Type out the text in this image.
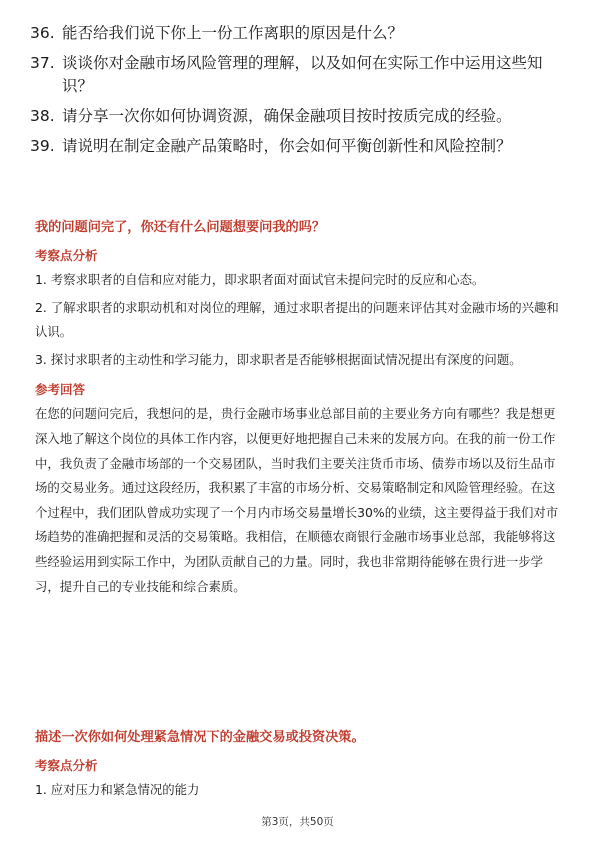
36. 能否给我们说下你上一份工作离职的原因是什么？
37. 谈谈你对金融市场风险管理的理解，以及如何在实际工作中运用这些知识？
38. 请分享一次你如何协调资源，确保金融项目按时按质完成的经验。
39. 请说明在制定金融产品策略时，你会如何平衡创新性和风险控制？
我的问题问完了，你还有什么问题想要问我的吗？
考察点分析
1. 考察求职者的自信和应对能力，即求职者面对面试官未提问完时的反应和心态。
2. 了解求职者的求职动机和对岗位的理解，通过求职者提出的问题来评估其对金融市场的兴趣和认识。
3. 探讨求职者的主动性和学习能力，即求职者是否能够根据面试情况提出有深度的问题。
参考回答
在您的问题问完后，我想问的是，贵行金融市场事业总部目前的主要业务方向有哪些？我是想更深入地了解这个岗位的具体工作内容，以便更好地把握自己未来的发展方向。在我的前一份工作中，我负责了金融市场部的一个交易团队，当时我们主要关注货币市场、债券市场以及衍生品市场的交易业务。通过这段经历，我积累了丰富的市场分析、交易策略制定和风险管理经验。在这个过程中，我们团队曾成功实现了一个月内市场交易量增长30%的业绩，这主要得益于我们对市场趋势的准确把握和灵活的交易策略。我相信，在顺德农商银行金融市场事业总部，我能够将这些经验运用到实际工作中，为团队贡献自己的力量。同时，我也非常期待能够在贵行进一步学习，提升自己的专业技能和综合素质。
描述一次你如何处理紧急情况下的金融交易或投资决策。
考察点分析
1. 应对压力和紧急情况的能力
第3页，共50页
